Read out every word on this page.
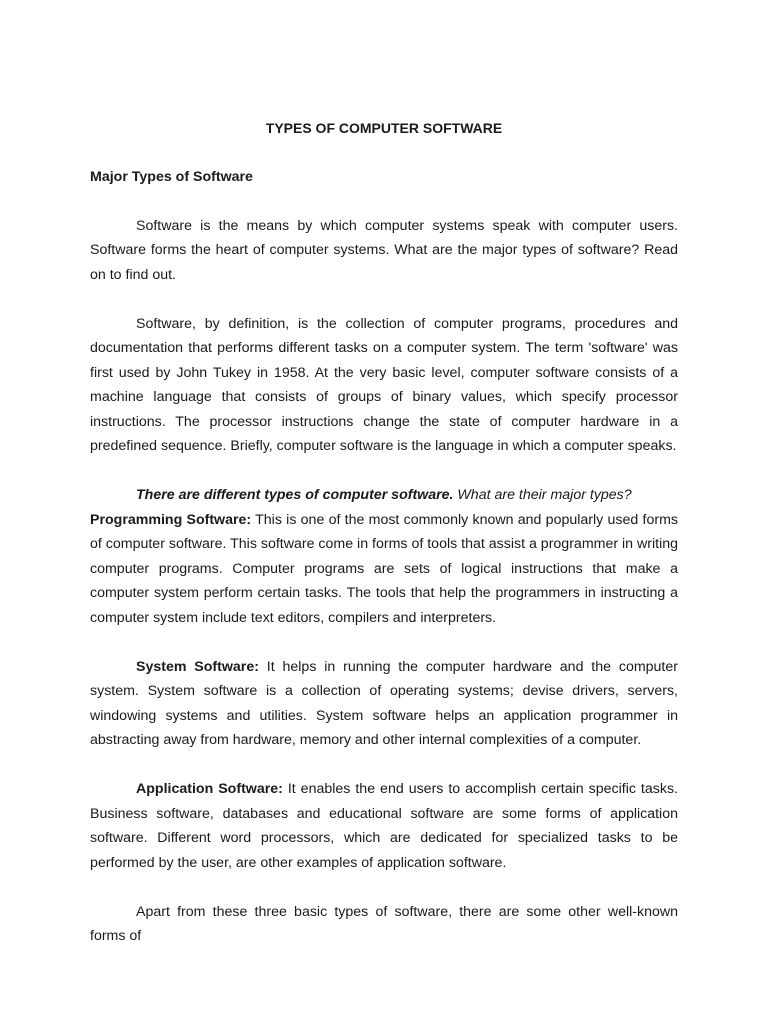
TYPES OF COMPUTER SOFTWARE
Major Types of Software

Software is the means by which computer systems speak with computer users. Software forms the heart of computer systems. What are the major types of software? Read on to find out.

Software, by definition, is the collection of computer programs, procedures and documentation that performs different tasks on a computer system. The term 'software' was first used by John Tukey in 1958. At the very basic level, computer software consists of a machine language that consists of groups of binary values, which specify processor instructions. The processor instructions change the state of computer hardware in a predefined sequence. Briefly, computer software is the language in which a computer speaks.

There are different types of computer software. What are their major types?

Programming Software: This is one of the most commonly known and popularly used forms of computer software. This software come in forms of tools that assist a programmer in writing computer programs. Computer programs are sets of logical instructions that make a computer system perform certain tasks. The tools that help the programmers in instructing a computer system include text editors, compilers and interpreters.

System Software: It helps in running the computer hardware and the computer system. System software is a collection of operating systems; devise drivers, servers, windowing systems and utilities. System software helps an application programmer in abstracting away from hardware, memory and other internal complexities of a computer.

Application Software: It enables the end users to accomplish certain specific tasks. Business software, databases and educational software are some forms of application software. Different word processors, which are dedicated for specialized tasks to be performed by the user, are other examples of application software.

Apart from these three basic types of software, there are some other well-known forms of
